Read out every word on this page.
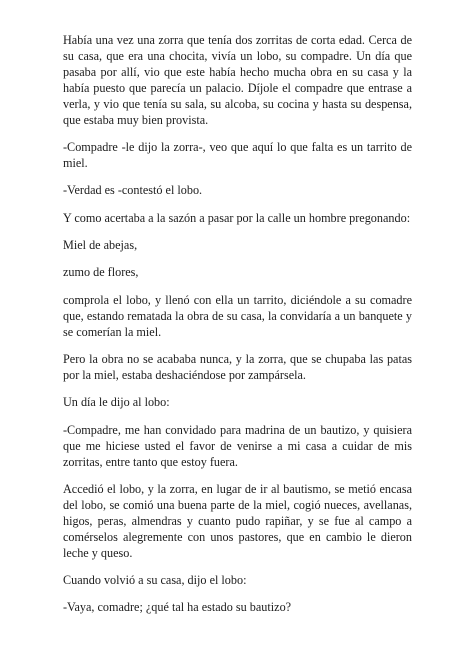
Había una vez una zorra que tenía dos zorritas de corta edad. Cerca de su casa, que era una chocita, vivía un lobo, su compadre. Un día que pasaba por allí, vio que este había hecho mucha obra en su casa y la había puesto que parecía un palacio. Díjole el compadre que entrase a verla, y vio que tenía su sala, su alcoba, su cocina y hasta su despensa, que estaba muy bien provista.

-Compadre -le dijo la zorra-, veo que aquí lo que falta es un tarrito de miel.

-Verdad es -contestó el lobo.

Y como acertaba a la sazón a pasar por la calle un hombre pregonando:

Miel de abejas,

zumo de flores,

comprola el lobo, y llenó con ella un tarrito, diciéndole a su comadre que, estando rematada la obra de su casa, la convidaría a un banquete y se comerían la miel.

Pero la obra no se acababa nunca, y la zorra, que se chupaba las patas por la miel, estaba deshaciéndose por zampársela.

Un día le dijo al lobo:

-Compadre, me han convidado para madrina de un bautizo, y quisiera que me hiciese usted el favor de venirse a mi casa a cuidar de mis zorritas, entre tanto que estoy fuera.

Accedió el lobo, y la zorra, en lugar de ir al bautismo, se metió encasa del lobo, se comió una buena parte de la miel, cogió nueces, avellanas, higos, peras, almendras y cuanto pudo rapiñar, y se fue al campo a comérselos alegremente con unos pastores, que en cambio le dieron leche y queso.

Cuando volvió a su casa, dijo el lobo:

-Vaya, comadre; ¿qué tal ha estado su bautizo?
